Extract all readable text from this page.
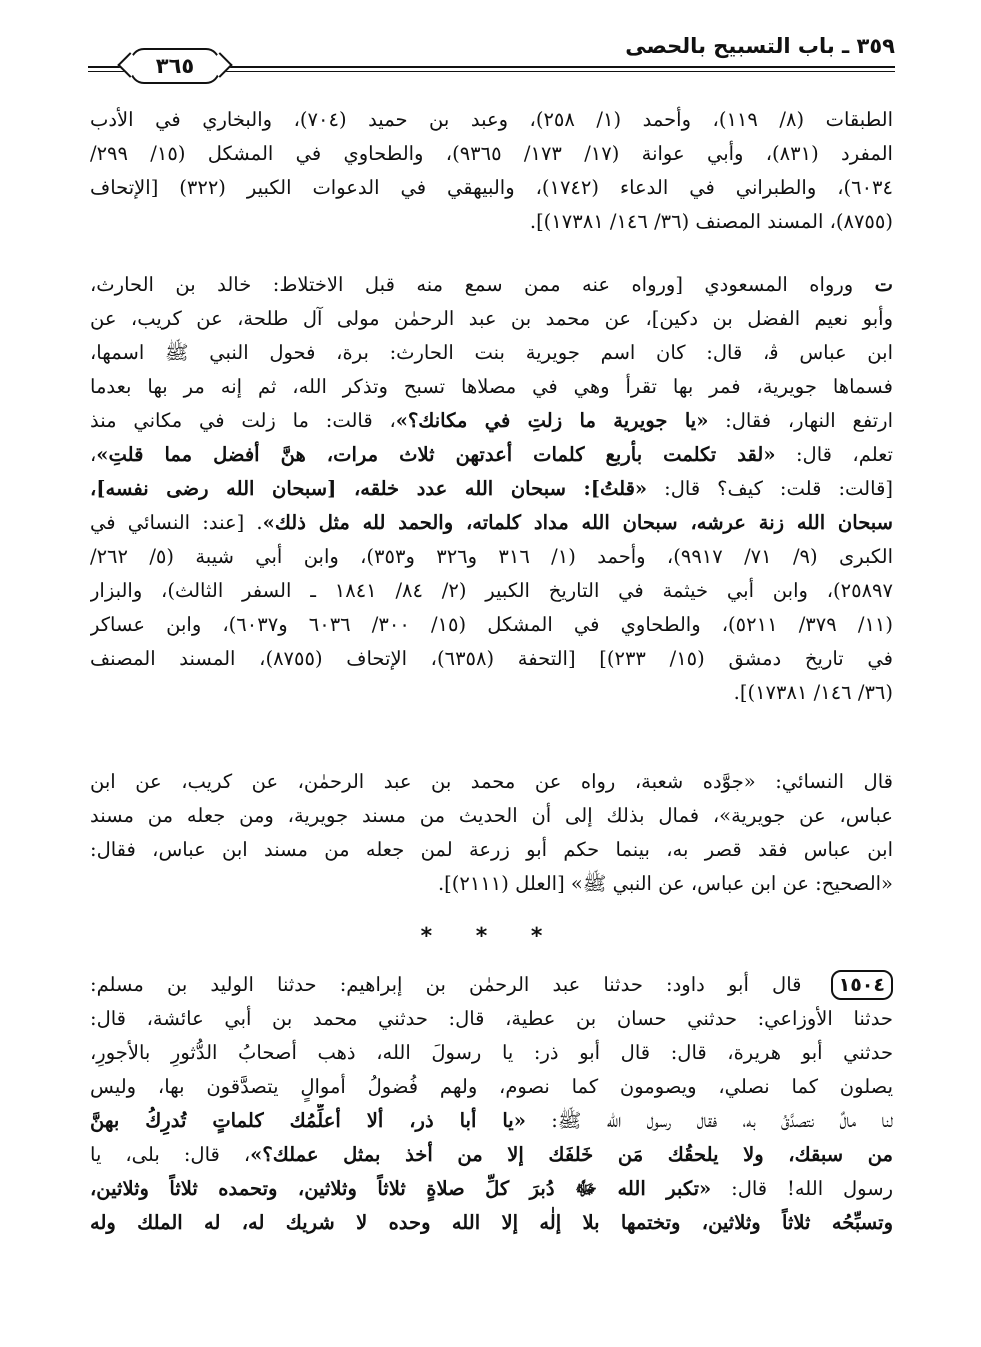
٣٥٩ ـ باب التسبيح بالحصى
٣٦٥
الطبقات (٨/ ١١٩)، وأحمد (١/ ٢٥٨)، وعبد بن حميد (٧٠٤)، والبخاري في الأدب
المفرد (٨٣١)، وأبي عوانة (١٧/ ١٧٣/ ٩٣٦٥)، والطحاوي في المشكل (١٥/ ٢٩٩/
٦٠٣٤)، والطبراني في الدعاء (١٧٤٢)، والبيهقي في الدعوات الكبير (٣٢٢) [الإتحاف
(٨٧٥٥)، المسند المصنف (٣٦/ ١٤٦/ ١٧٣٨١)].
ت ورواه المسعودي [ورواه عنه ممن سمع منه قبل الاختلاط: خالد بن الحارث،
وأبو نعيم الفضل بن دكين]، عن محمد بن عبد الرحمٰن مولى آل طلحة، عن كريب، عن
ابن عباس ﭬ، قال: كان اسم جويرية بنت الحارث: برة، فحول النبي ﷺ اسمها،
فسماها جويرية، فمر بها تقرأ وهي في مصلاها تسبح وتذكر الله، ثم إنه مر بها بعدما
ارتفع النهار، فقال: «يا جويرية ما زلتِ في مكانك؟»، قالت: ما زلت في مكاني منذ
تعلم، قال: «لقد تكلمت بأربع كلمات أعدتهن ثلاث مرات، هنَّ أفضل مما قلتِ»،
[قالت: قلت: كيف؟ قال: «قلتُ]: سبحان الله عدد خلقه، [سبحان الله رضى نفسه]،
سبحان الله زنة عرشه، سبحان الله مداد كلماته، والحمد لله مثل ذلك». [عند: النسائي في
الكبرى (٩/ ٧١/ ٩٩١٧)، وأحمد (١/ ٣١٦ و٣٢٦ و٣٥٣)، وابن أبي شيبة (٥/ ٢٦٢/
٢٥٨٩٧)، وابن أبي خيثمة في التاريخ الكبير (٢/ ٨٤/ ١٨٤١ ـ السفر الثالث)، والبزار
(١١/ ٣٧٩/ ٥٢١١)، والطحاوي في المشكل (١٥/ ٣٠٠/ ٦٠٣٦ و٦٠٣٧)، وابن عساكر
في تاريخ دمشق (١٥/ ٢٣٣)] [التحفة (٦٣٥٨)، الإتحاف (٨٧٥٥)، المسند المصنف
(٣٦/ ١٤٦/ ١٧٣٨١)].
قال النسائي: «جوَّده شعبة، رواه عن محمد بن عبد الرحمٰن، عن كريب، عن ابن
عباس، عن جويرية»، فمال بذلك إلى أن الحديث من مسند جويرية، ومن جعله من مسند
ابن عباس فقد قصر به، بينما حكم أبو زرعة لمن جعله من مسند ابن عباس، فقال:
«الصحيح: عن ابن عباس، عن النبي ﷺ» [العلل (٢١١١)].
* * *
١٥٠٤ قال أبو داود: حدثنا عبد الرحمٰن بن إبراهيم: حدثنا الوليد بن مسلم:
حدثنا الأوزاعي: حدثني حسان بن عطية، قال: حدثني محمد بن أبي عائشة، قال:
حدثني أبو هريرة، قال: قال أبو ذر: يا رسولَ الله، ذهب أصحابُ الدُّثورِ بالأجورِ،
يصلون كما نصلي، ويصومون كما نصوم، ولهم فُضولُ أموالٍ يتصدَّقون بها، وليس
لنا مالٌ نتصدَّقُ به، فقال رسول الله ﷺ: «يا أبا ذر، ألا أعلِّمُك كلماتٍ تُدرِكُ بهنَّ
من سبقك، ولا يلحقُك مَن خَلفَك إلا من أخذ بمثل عملك؟»، قال: بلى، يا
رسول الله! قال: «تكبر الله ﷻ دُبرَ كلِّ صلاةٍ ثلاثاً وثلاثين، وتحمده ثلاثاً وثلاثين،
وتسبِّحُه ثلاثاً وثلاثين، وتختمها بلا إلٰه إلا الله وحده لا شريك له، له الملك وله
